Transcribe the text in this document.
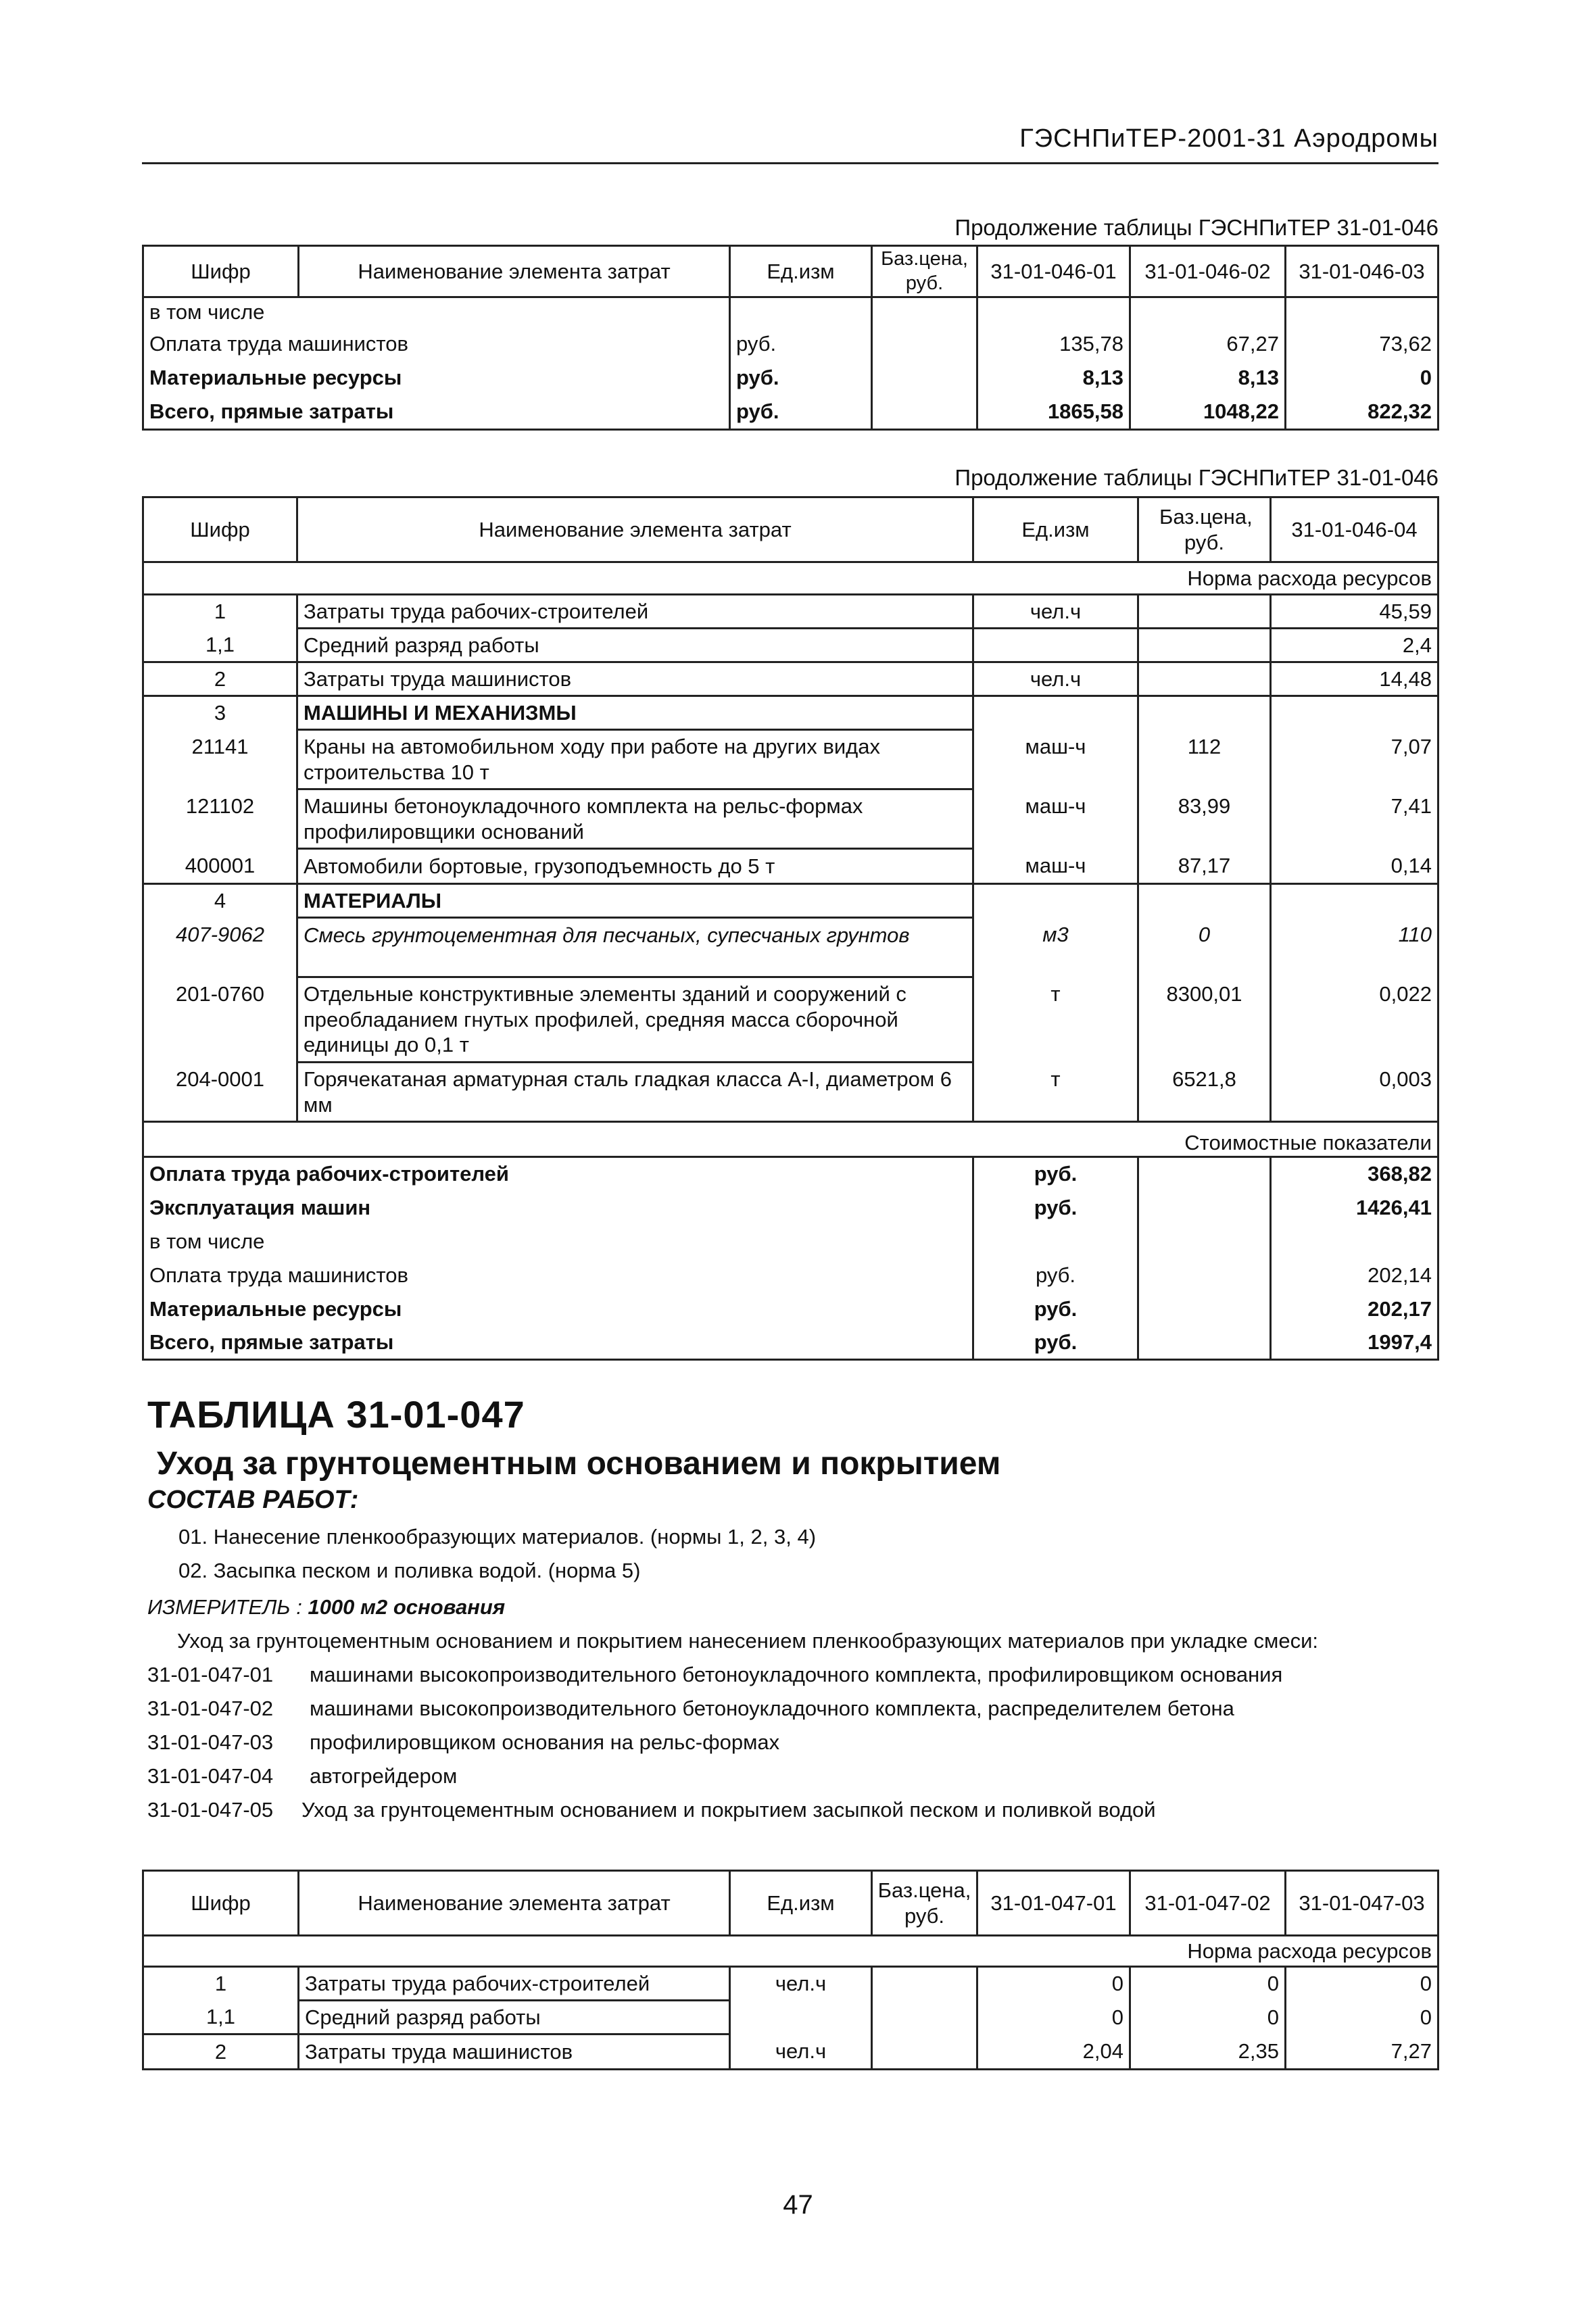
ГЭСНПиТЕР-2001-31 Аэродромы
Продолжение таблицы ГЭСНПиТЕР 31-01-046
Шифр	Наименование элемента затрат	Ед.изм	Баз.цена, руб.	31-01-046-01	31-01-046-02	31-01-046-03
в том числе						
Оплата труда машинистов		руб.		135,78	67,27	73,62
Материальные ресурсы		руб.		8,13	8,13	0
Всего, прямые затраты		руб.		1865,58	1048,22	822,32
Продолжение таблицы ГЭСНПиТЕР 31-01-046
Шифр	Наименование элемента затрат	Ед.изм	Баз.цена, руб.	31-01-046-04
Норма расхода ресурсов				
1	Затраты труда рабочих-строителей	чел.ч		45,59
1,1	Средний разряд работы			2,4
2	Затраты труда машинистов	чел.ч		14,48
3	МАШИНЫ И МЕХАНИЗМЫ			
21141	Краны на автомобильном ходу при работе на других видах строительства 10 т	маш-ч	112	7,07
121102	Машины бетоноукладочного комплекта на рельс-формах профилировщики оснований	маш-ч	83,99	7,41
400001	Автомобили бортовые, грузоподъемность до 5 т	маш-ч	87,17	0,14
4	МАТЕРИАЛЫ			
407-9062	Смесь грунтоцементная для песчаных, супесчаных грунтов	м3	0	110
201-0760	Отдельные конструктивные элементы зданий и сооружений с преобладанием гнутых профилей, средняя масса сборочной единицы до 0,1 т	т	8300,01	0,022
204-0001	Горячекатаная арматурная сталь гладкая класса А-I, диаметром 6 мм	т	6521,8	0,003
Стоимостные показатели				
Оплата труда рабочих-строителей		руб.		368,82
Эксплуатация машин		руб.		1426,41
в том числе				
Оплата труда машинистов		руб.		202,14
Материальные ресурсы		руб.		202,17
Всего, прямые затраты		руб.		1997,4
ТАБЛИЦА 31-01-047
Уход за грунтоцементным основанием и покрытием
СОСТАВ РАБОТ:
01. Нанесение пленкообразующих материалов. (нормы 1, 2, 3, 4)
02. Засыпка песком и поливка водой. (норма 5)
ИЗМЕРИТЕЛЬ : 1000 м2 основания
Уход за грунтоцементным основанием и покрытием нанесением пленкообразующих материалов при укладке смеси:
31-01-047-01 машинами высокопроизводительного бетоноукладочного комплекта, профилировщиком основания
31-01-047-02 машинами высокопроизводительного бетоноукладочного комплекта, распределителем бетона
31-01-047-03 профилировщиком основания на рельс-формах
31-01-047-04 автогрейдером
31-01-047-05 Уход за грунтоцементным основанием и покрытием засыпкой песком и поливкой водой
Шифр	Наименование элемента затрат	Ед.изм	Баз.цена, руб.	31-01-047-01	31-01-047-02	31-01-047-03
Норма расхода ресурсов						
1	Затраты труда рабочих-строителей	чел.ч		0	0	0
1,1	Средний разряд работы			0	0	0
2	Затраты труда машинистов	чел.ч		2,04	2,35	7,27
47
